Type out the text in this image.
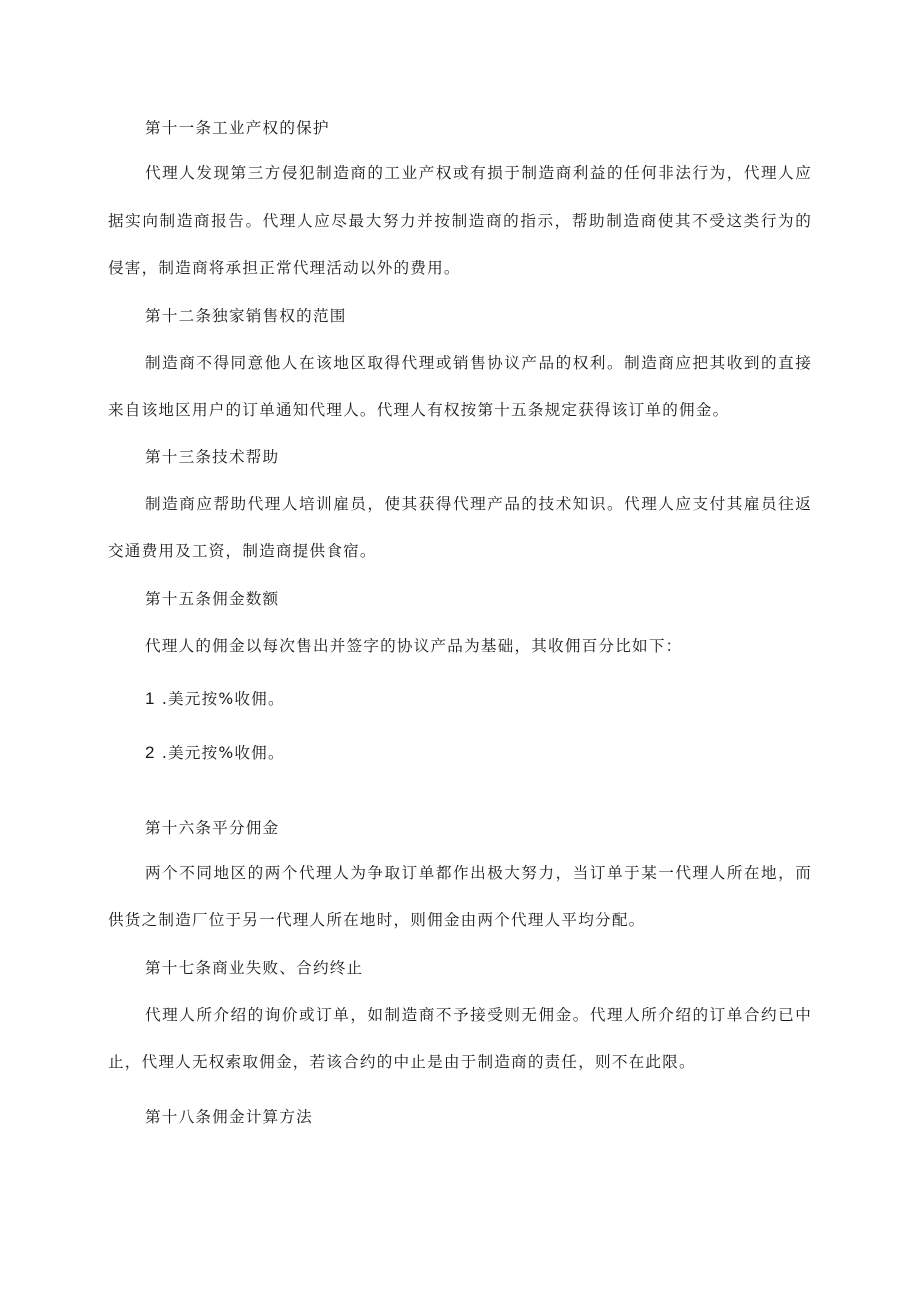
第十一条工业产权的保护
代理人发现第三方侵犯制造商的工业产权或有损于制造商利益的任何非法行为，代理人应
据实向制造商报告。代理人应尽最大努力并按制造商的指示，帮助制造商使其不受这类行为的
侵害，制造商将承担正常代理活动以外的费用。
第十二条独家销售权的范围
制造商不得同意他人在该地区取得代理或销售协议产品的权利。制造商应把其收到的直接
来自该地区用户的订单通知代理人。代理人有权按第十五条规定获得该订单的佣金。
第十三条技术帮助
制造商应帮助代理人培训雇员，使其获得代理产品的技术知识。代理人应支付其雇员往返
交通费用及工资，制造商提供食宿。
第十五条佣金数额
代理人的佣金以每次售出并签字的协议产品为基础，其收佣百分比如下：
1 .美元按%收佣。
2 .美元按%收佣。
第十六条平分佣金
两个不同地区的两个代理人为争取订单都作出极大努力，当订单于某一代理人所在地，而
供货之制造厂位于另一代理人所在地时，则佣金由两个代理人平均分配。
第十七条商业失败、合约终止
代理人所介绍的询价或订单，如制造商不予接受则无佣金。代理人所介绍的订单合约已中
止，代理人无权索取佣金，若该合约的中止是由于制造商的责任，则不在此限。
第十八条佣金计算方法
